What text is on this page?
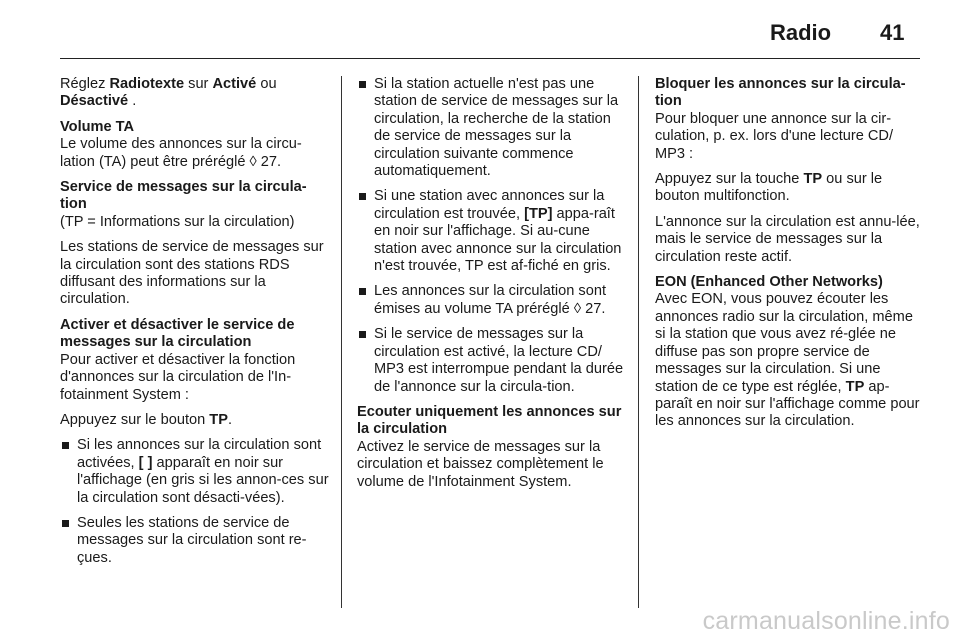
Radio 41

Réglez Radiotexte sur Activé ou
Désactivé .

Volume TA

Le volume des annonces sur la circu-lation (TA) peut être préréglé ◊ 27.

Service de messages sur la circula-tion

(TP = Informations sur la circulation)

Les stations de service de messages sur la circulation sont des stations RDS diffusant des informations sur la circulation.

Activer et désactiver le service de messages sur la circulation

Pour activer et désactiver la fonction d'annonces sur la circulation de l'In-fotainment System :

Appuyez sur le bouton TP.

Si les annonces sur la circulation sont activées, [ ] apparaît en noir sur l'affichage (en gris si les annon-ces sur la circulation sont désacti-vées).
Seules les stations de service de messages sur la circulation sont re-çues.
Si la station actuelle n'est pas une station de service de messages sur la circulation, la recherche de la station de service de messages sur la circulation suivante commence automatiquement.
Si une station avec annonces sur la circulation est trouvée, [TP] appa-raît en noir sur l'affichage. Si au-cune station avec annonce sur la circulation n'est trouvée, TP est af-fiché en gris.
Les annonces sur la circulation sont émises au volume TA préréglé ◊ 27.
Si le service de messages sur la circulation est activé, la lecture CD/ MP3 est interrompue pendant la durée de l'annonce sur la circula-tion.
Ecouter uniquement les annonces sur la circulation

Activez le service de messages sur la circulation et baissez complètement le volume de l'Infotainment System.

Bloquer les annonces sur la circula-tion

Pour bloquer une annonce sur la cir-culation, p. ex. lors d'une lecture CD/ MP3 :

Appuyez sur la touche TP ou sur le bouton multifonction.

L'annonce sur la circulation est annu-lée, mais le service de messages sur la circulation reste actif.

EON (Enhanced Other Networks)

Avec EON, vous pouvez écouter les annonces radio sur la circulation, même si la station que vous avez ré-glée ne diffuse pas son propre service de messages sur la circulation. Si une station de ce type est réglée, TP ap-paraît en noir sur l'affichage comme pour les annonces sur la circulation.

carmanualsonline.info
